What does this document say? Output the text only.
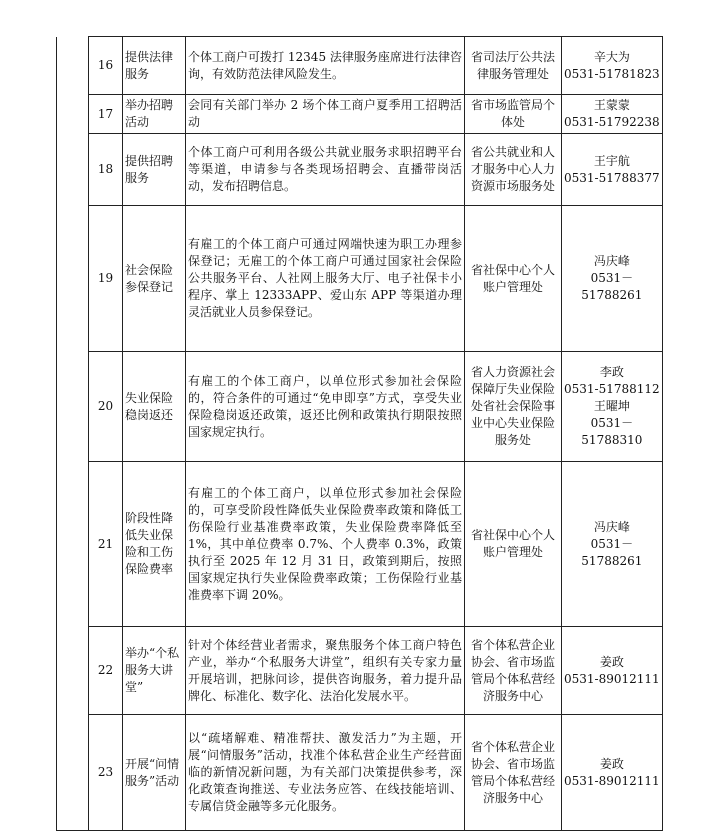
	16	提供法律服务	个体工商户可拨打 12345 法律服务座席进行法律咨询，有效防范法律风险发生。	省司法厅公共法律服务管理处	辛大为
0531-51781823

	17	举办招聘活动	会同有关部门举办 2 场个体工商户夏季用工招聘活动	省市场监管局个体处	王蒙蒙
0531-51792238

	18	提供招聘服务	个体工商户可利用各级公共就业服务求职招聘平台等渠道，申请参与各类现场招聘会、直播带岗活动，发布招聘信息。	省公共就业和人才服务中心人力资源市场服务处	王宇航
0531-51788377

	19	社会保险参保登记	有雇工的个体工商户可通过网端快速为职工办理参保登记；无雇工的个体工商户可通过国家社会保险公共服务平台、人社网上服务大厅、电子社保卡小程序、掌上 12333APP、爱山东 APP 等渠道办理灵活就业人员参保登记。	省社保中心个人账户管理处	冯庆峰
0531－
51788261

	20	失业保险稳岗返还	有雇工的个体工商户，以单位形式参加社会保险的，符合条件的可通过“免申即享”方式，享受失业保险稳岗返还政策，返还比例和政策执行期限按照国家规定执行。	省人力资源社会保障厅失业保险处省社会保险事业中心失业保险服务处	李政
0531-51788112
王曜坤
0531－
51788310

	21	阶段性降低失业保险和工伤保险费率	有雇工的个体工商户，以单位形式参加社会保险的，可享受阶段性降低失业保险费率政策和降低工伤保险行业基准费率政策，失业保险费率降低至 1%，其中单位费率 0.7%、个人费率 0.3%，政策执行至 2025 年 12 月 31 日，政策到期后，按照国家规定执行失业保险费率政策；工伤保险行业基准费率下调 20%。	省社保中心个人账户管理处	冯庆峰
0531－
51788261

	22	举办“个私服务大讲堂”	针对个体经营业者需求，聚焦服务个体工商户特色产业，举办“个私服务大讲堂”，组织有关专家力量开展培训，把脉问诊，提供咨询服务，着力提升品牌化、标准化、数字化、法治化发展水平。	省个体私营企业协会、省市场监管局个体私营经济服务中心	姜政
0531-89012111

	23	开展“问情服务”活动	以“疏堵解难、精准帮扶、激发活力”为主题，开展“问情服务”活动，找准个体私营企业生产经营面临的新情况新问题，为有关部门决策提供参考，深化政策查询推送、专业法务应答、在线技能培训、专属信贷金融等多元化服务。	省个体私营企业协会、省市场监管局个体私营经济服务中心	姜政
0531-89012111
